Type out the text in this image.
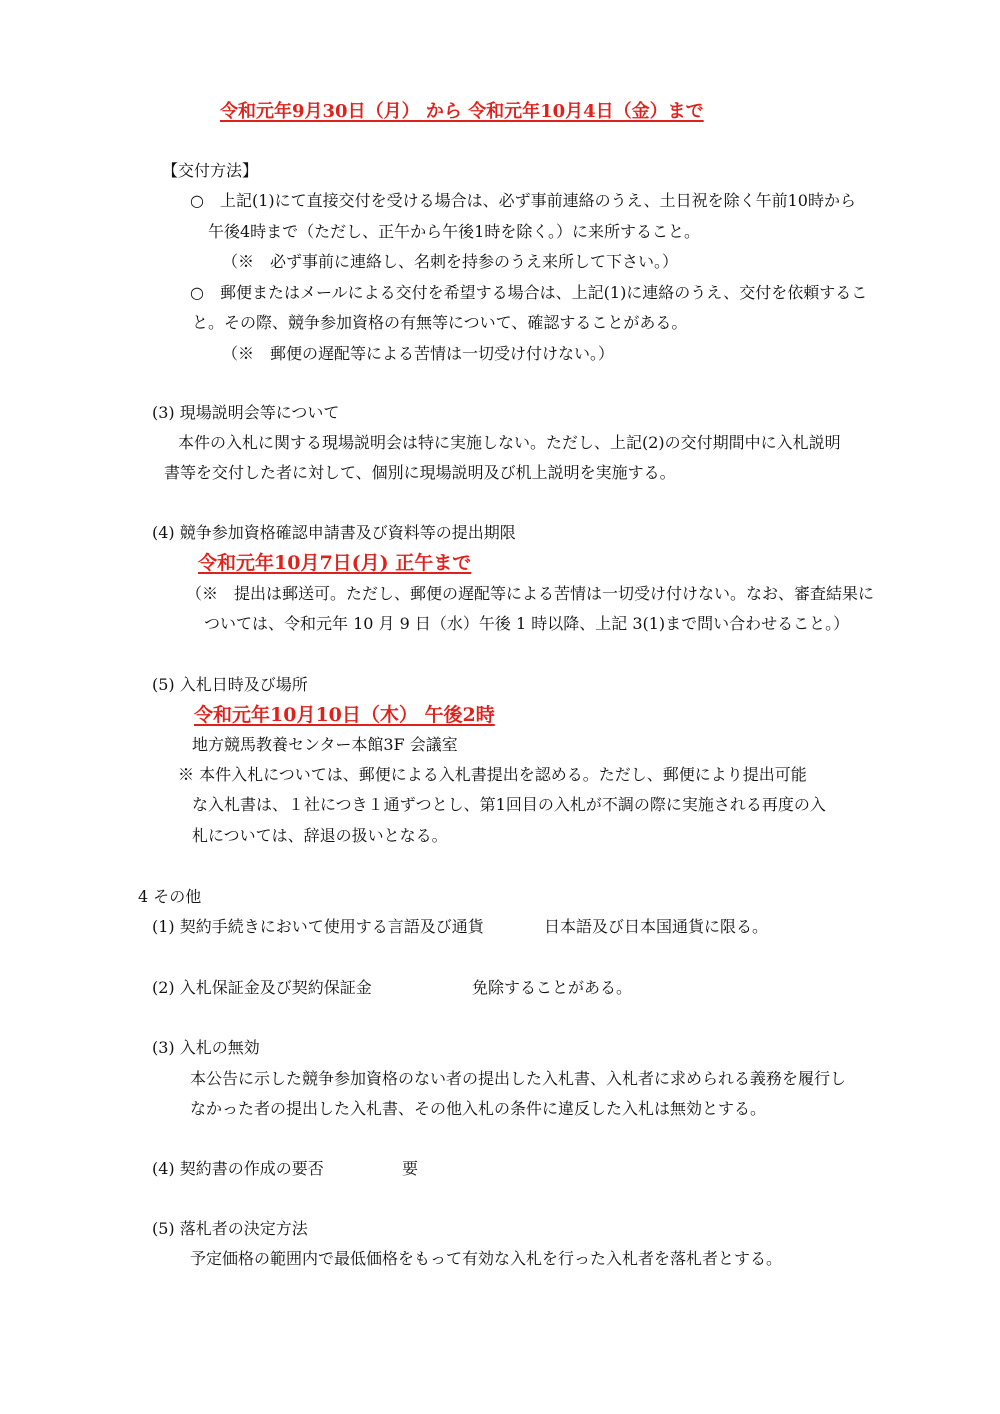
令和元年9月30日（月） から 令和元年10月4日（金）まで
【交付方法】
○　上記(1)にて直接交付を受ける場合は、必ず事前連絡のうえ、土日祝を除く午前10時から
午後4時まで（ただし、正午から午後1時を除く。）に来所すること。
（※　必ず事前に連絡し、名刺を持参のうえ来所して下さい。）
○　郵便またはメールによる交付を希望する場合は、上記(1)に連絡のうえ、交付を依頼するこ
と。その際、競争参加資格の有無等について、確認することがある。
（※　郵便の遅配等による苦情は一切受け付けない。）
(3) 現場説明会等について
本件の入札に関する現場説明会は特に実施しない。ただし、上記(2)の交付期間中に入札説明
書等を交付した者に対して、個別に現場説明及び机上説明を実施する。
(4) 競争参加資格確認申請書及び資料等の提出期限
令和元年10月7日(月) 正午まで
（※　提出は郵送可。ただし、郵便の遅配等による苦情は一切受け付けない。なお、審査結果に
ついては、令和元年 10 月 9 日（水）午後 1 時以降、上記 3(1)まで問い合わせること。）
(5) 入札日時及び場所
令和元年10月10日（木） 午後2時
地方競馬教養センター本館3F 会議室
※ 本件入札については、郵便による入札書提出を認める。ただし、郵便により提出可能
な入札書は、１社につき１通ずつとし、第1回目の入札が不調の際に実施される再度の入
札については、辞退の扱いとなる。
4 その他
(1) 契約手続きにおいて使用する言語及び通貨	日本語及び日本国通貨に限る。
(2) 入札保証金及び契約保証金	免除することがある。
(3) 入札の無効
本公告に示した競争参加資格のない者の提出した入札書、入札者に求められる義務を履行し
なかった者の提出した入札書、その他入札の条件に違反した入札は無効とする。
(4) 契約書の作成の要否	要
(5) 落札者の決定方法
予定価格の範囲内で最低価格をもって有効な入札を行った入札者を落札者とする。
